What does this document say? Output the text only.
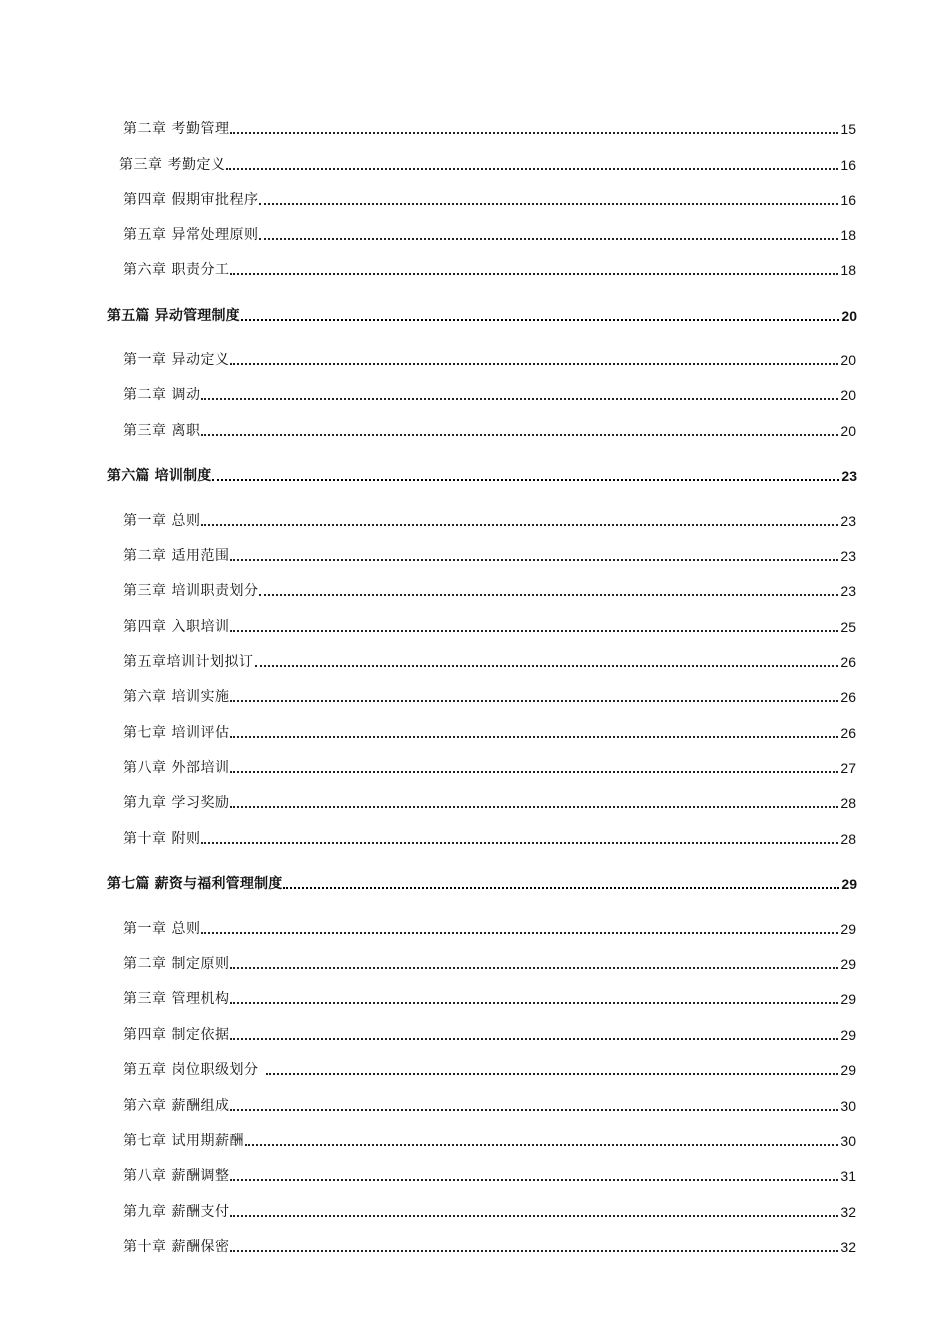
第二章 考勤管理	15
第三章 考勤定义	16
第四章 假期审批程序	16
第五章 异常处理原则	18
第六章 职责分工	18
第五篇 异动管理制度	20
第一章 异动定义	20
第二章 调动	20
第三章 离职	20
第六篇 培训制度	23
第一章 总则	23
第二章 适用范围	23
第三章 培训职责划分	23
第四章 入职培训	25
第五章培训计划拟订	26
第六章 培训实施	26
第七章 培训评估	26
第八章 外部培训	27
第九章 学习奖励	28
第十章 附则	28
第七篇 薪资与福利管理制度	29
第一章 总则	29
第二章 制定原则	29
第三章 管理机构	29
第四章 制定依据	29
第五章 岗位职级划分	29
第六章 薪酬组成	30
第七章 试用期薪酬	30
第八章 薪酬调整	31
第九章 薪酬支付	32
第十章 薪酬保密	32
